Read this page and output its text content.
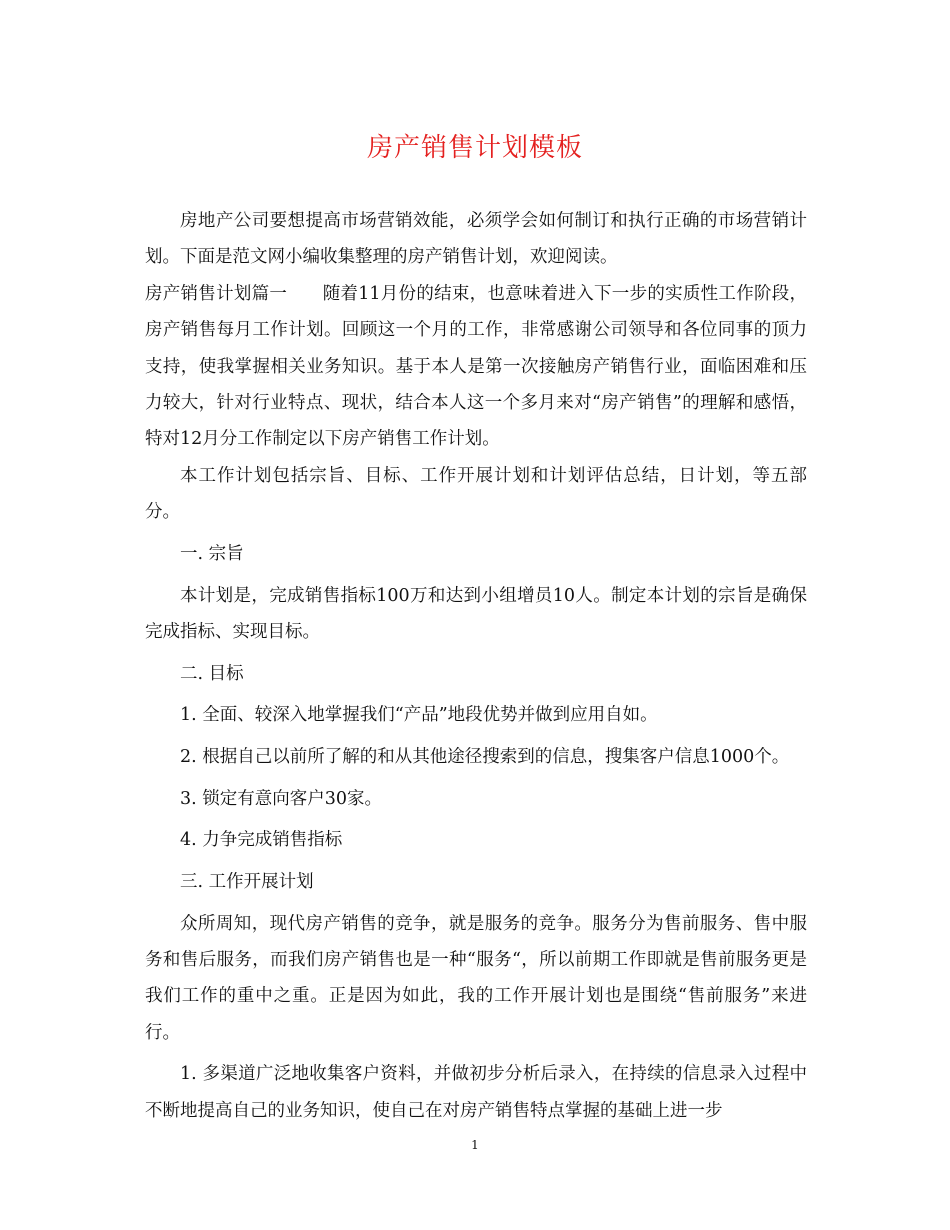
房产销售计划模板

房地产公司要想提高市场营销效能，必须学会如何制订和执行正确的市场营销计划。下面是范文网小编收集整理的房产销售计划，欢迎阅读。

房产销售计划篇一　　随着11月份的结束，也意味着进入下一步的实质性工作阶段，房产销售每月工作计划。回顾这一个月的工作，非常感谢公司领导和各位同事的顶力支持，使我掌握相关业务知识。基于本人是第一次接触房产销售行业，面临困难和压力较大，针对行业特点、现状，结合本人这一个多月来对“房产销售”的理解和感悟，特对12月分工作制定以下房产销售工作计划。

本工作计划包括宗旨、目标、工作开展计划和计划评估总结，日计划，等五部分。

一. 宗旨

本计划是，完成销售指标100万和达到小组增员10人。制定本计划的宗旨是确保完成指标、实现目标。

二. 目标

1. 全面、较深入地掌握我们“产品”地段优势并做到应用自如。

2. 根据自己以前所了解的和从其他途径搜索到的信息，搜集客户信息1000个。

3. 锁定有意向客户30家。

4. 力争完成销售指标

三. 工作开展计划

众所周知，现代房产销售的竞争，就是服务的竞争。服务分为售前服务、售中服务和售后服务，而我们房产销售也是一种“服务“，所以前期工作即就是售前服务更是我们工作的重中之重。正是因为如此，我的工作开展计划也是围绕“售前服务”来进行。

1. 多渠道广泛地收集客户资料，并做初步分析后录入，在持续的信息录入过程中不断地提高自己的业务知识，使自己在对房产销售特点掌握的基础上进一步

1
